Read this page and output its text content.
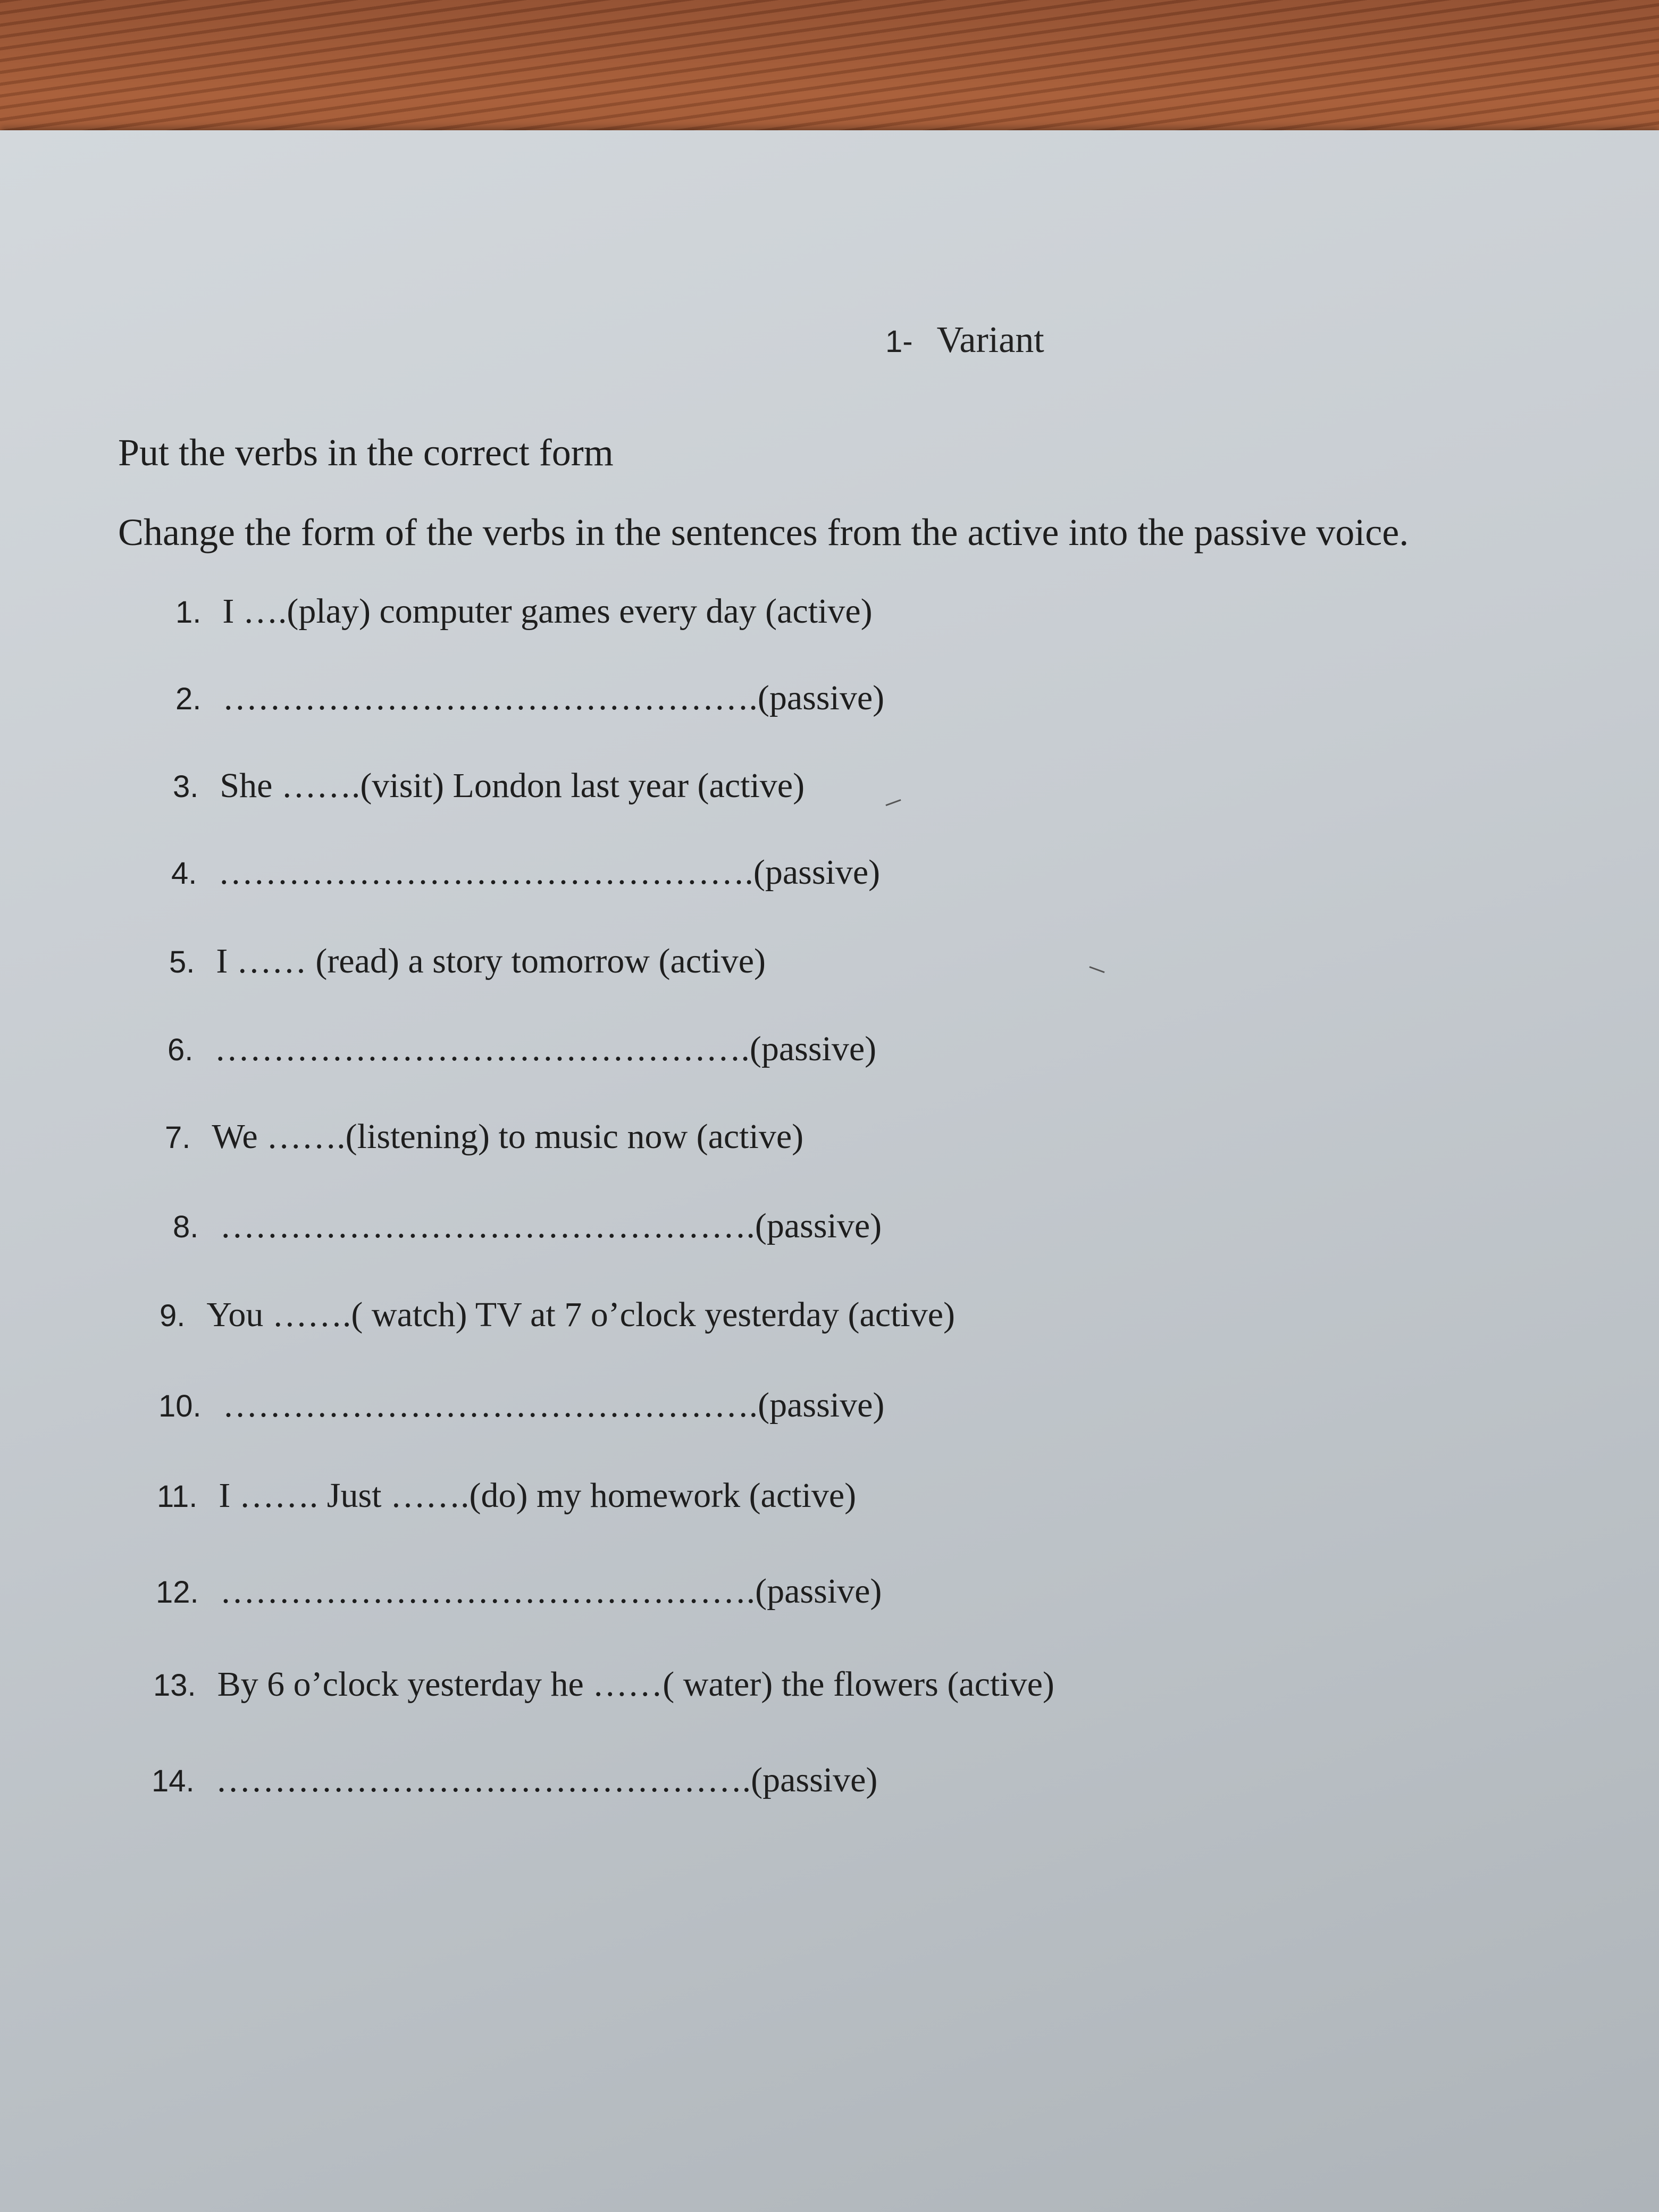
1- Variant
Put the verbs in the correct form
Change the form of the verbs in the sentences from the active into the passive voice.
1. I ….(play) computer games every day (active)
2. ……………………………………….(passive)
3. She …….(visit) London last year (active)
4. ……………………………………….(passive)
5. I …… (read) a story tomorrow (active)
6. ……………………………………….(passive)
7. We …….(listening) to music now (active)
8. ……………………………………….(passive)
9. You …….( watch) TV at 7 o’clock yesterday (active)
10. ……………………………………….(passive)
11. I ……. Just …….(do) my homework (active)
12. ……………………………………….(passive)
13. By 6 o’clock yesterday he ……( water) the flowers (active)
14. ……………………………………….(passive)
